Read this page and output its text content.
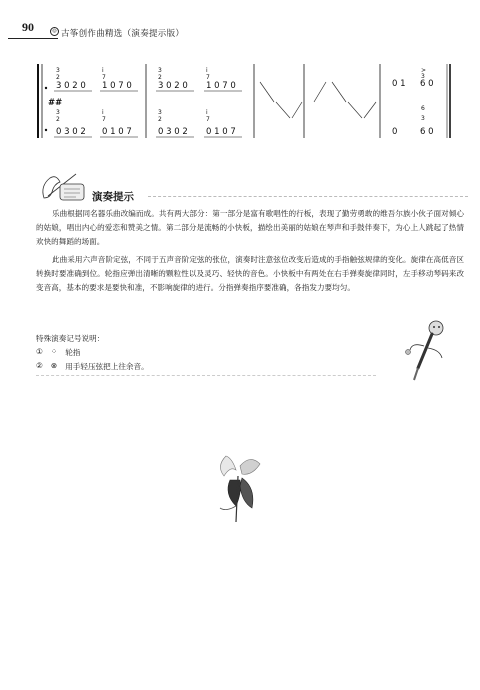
90	◎ 古筝创作曲精选（演奏提示版）
3
2
3 0 2 0
i
7
1 0 7 0
3
2
3 0 2 0
i
7
1 0 7 0
3
2
0 3 0 2
i
7
0 1 0 7
3
2
0 3 0 2
i
7
0 1 0 7
##
0 1 6 0
>
3
6
3
0	6 0
演奏提示

乐曲根据同名器乐曲改编而成。共有两大部分：第一部分是富有歌唱性的行板，表现了勤劳勇敢的维吾尔族小伙子面对倾心的姑娘，唱出内心的爱恋和赞美之情。第二部分是流畅的小快板，描绘出美丽的姑娘在琴声和手鼓伴奏下，为心上人跳起了热情欢快的舞蹈的场面。

此曲采用六声音阶定弦，不同于五声音阶定弦的张位，演奏时注意弦位改变后造成的手指触弦规律的变化。旋律在高低音区转换时要准确到位。轮指应弹出清晰的颗粒性以及灵巧、轻快的音色。小快板中有两处在右手弹奏旋律同时，左手移动琴码来改变音高，基本的要求是要快和准，不影响旋律的进行。分指弹奏指序要准确，各指发力要均匀。

特殊演奏记号说明：
① ⁘ 轮指
② ⊗ 用手轻压弦把上往余音。
